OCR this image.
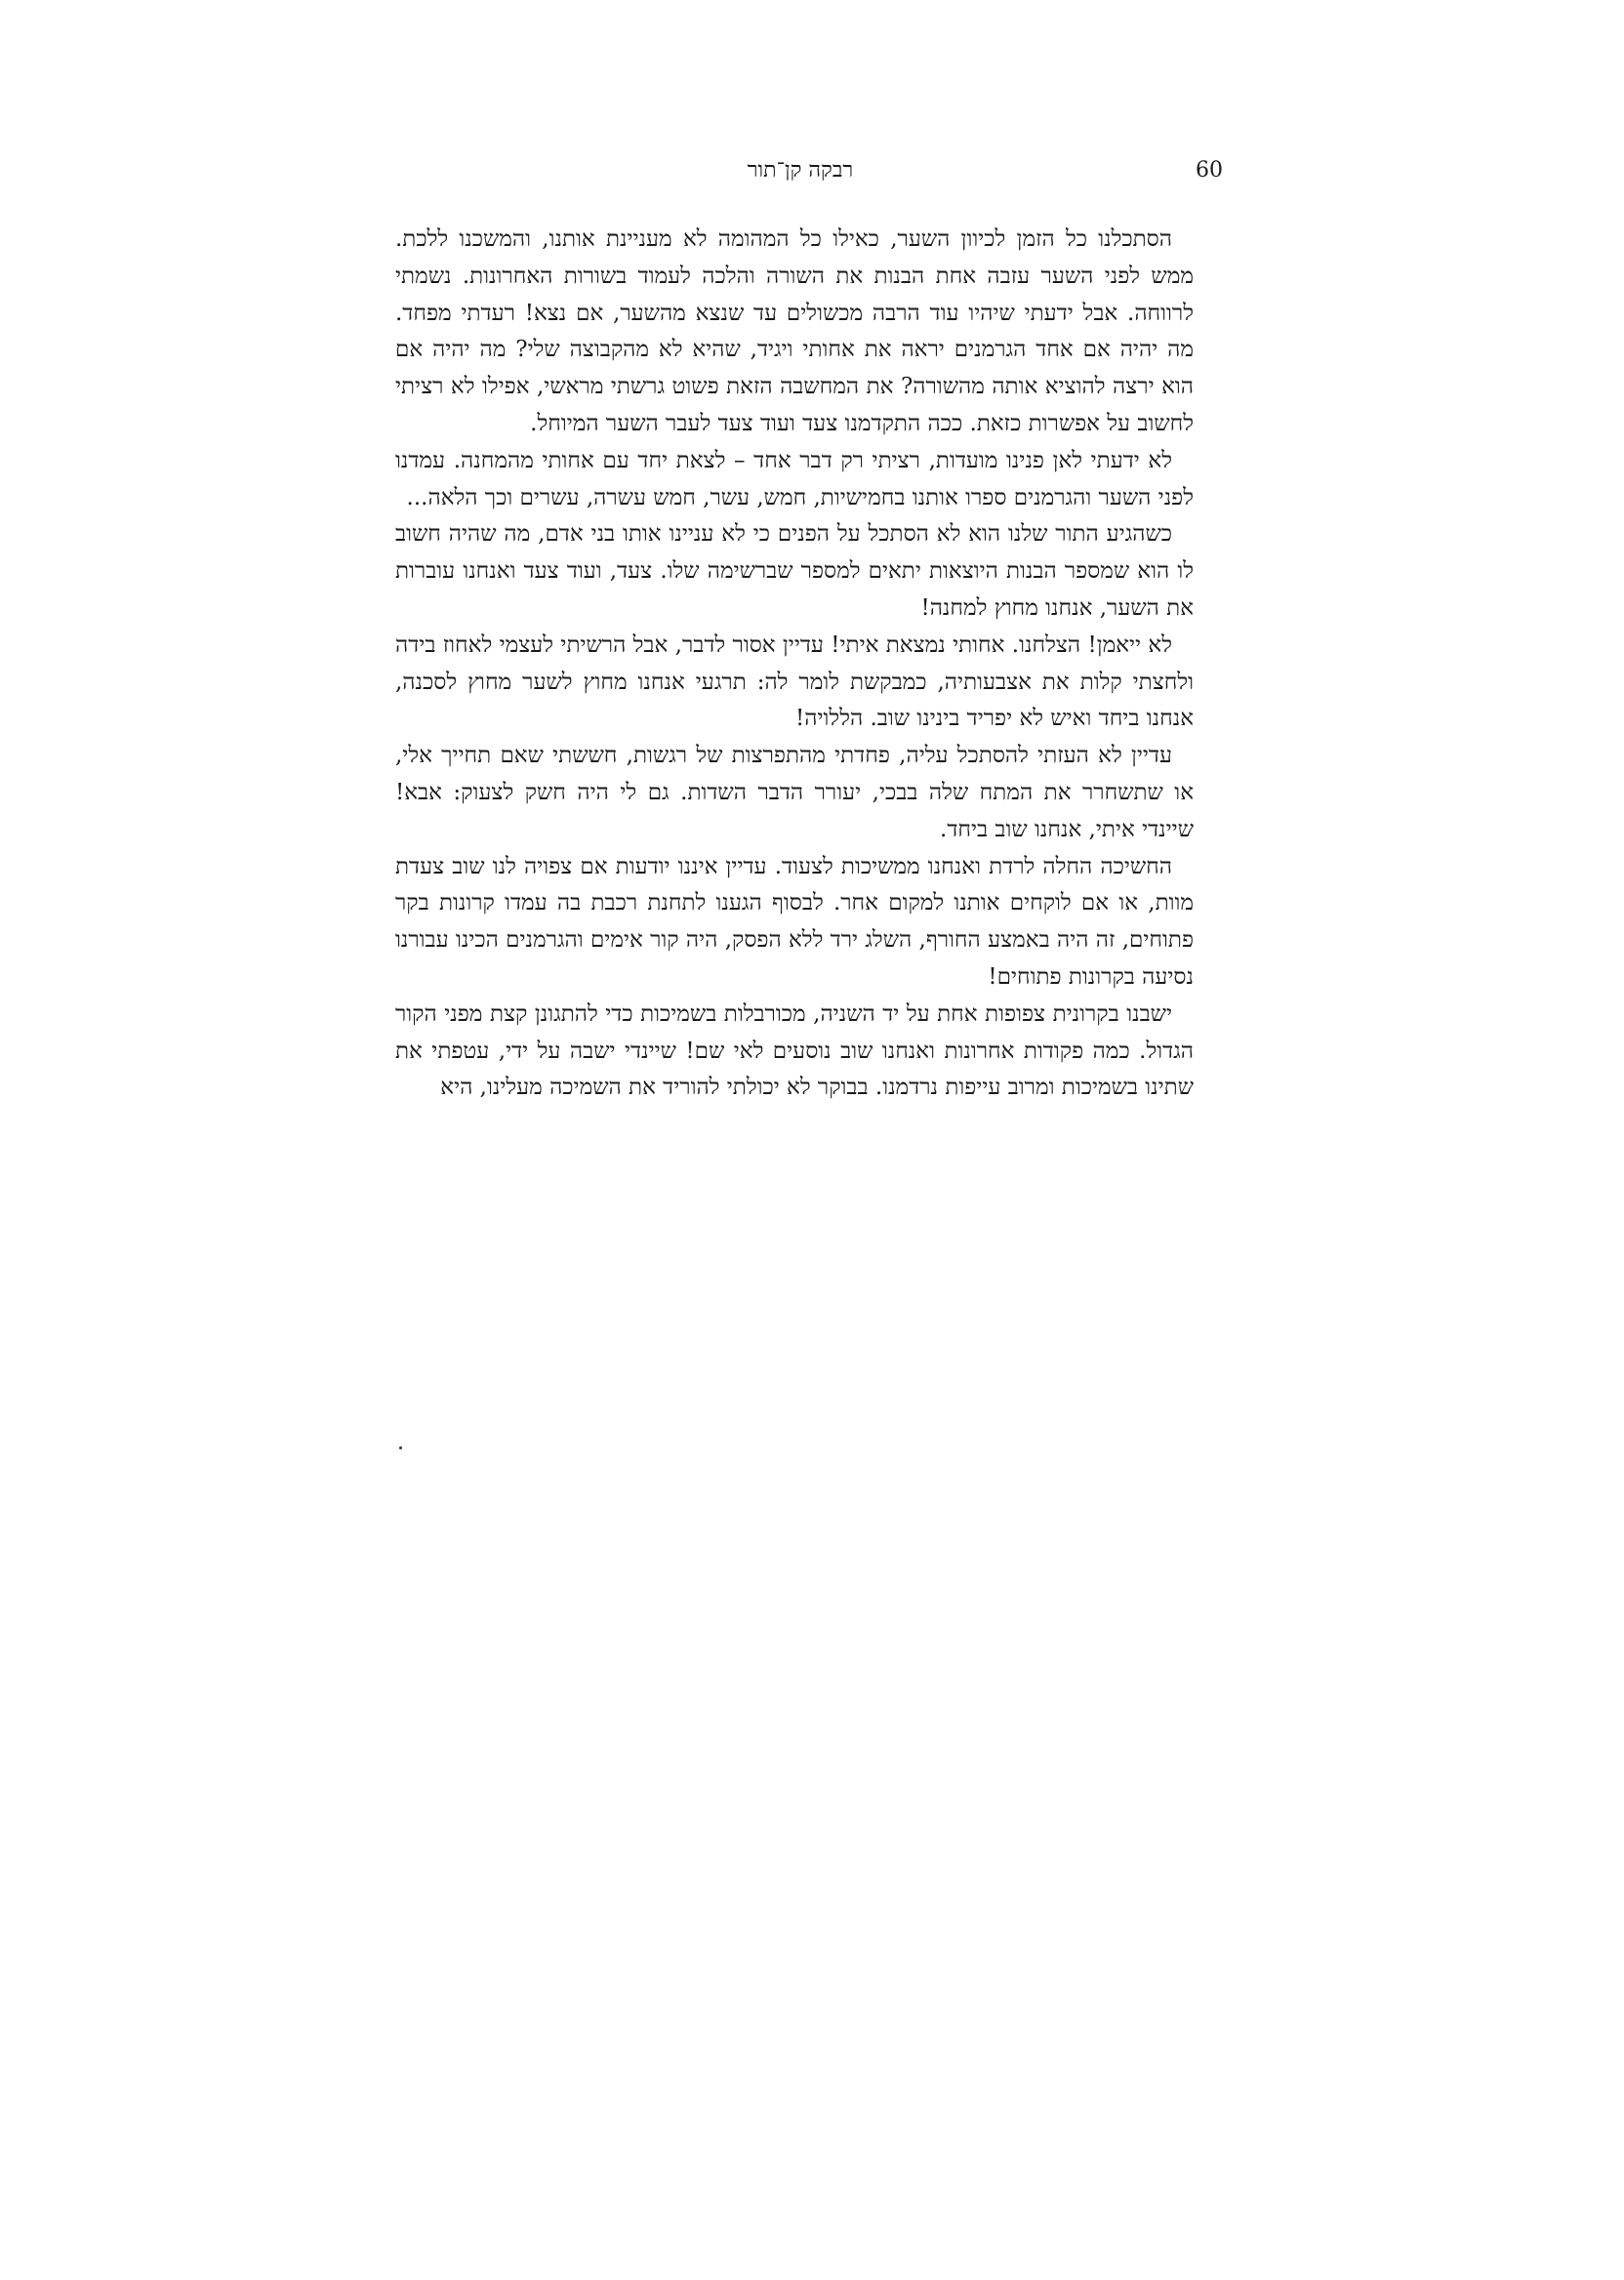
60
רבקה קן־תור

הסתכלנו כל הזמן לכיוון השער, כאילו כל המהומה לא מעניינת אותנו, והמשכנו ללכת. ממש לפני השער עזבה אחת הבנות את השורה והלכה לעמוד בשורות האחרונות. נשמתי לרווחה. אבל ידעתי שיהיו עוד הרבה מכשולים עד שנצא מהשער, אם נצא! רעדתי מפחד. מה יהיה אם אחד הגרמנים יראה את אחותי ויגיד, שהיא לא מהקבוצה שלי? מה יהיה אם הוא ירצה להוציא אותה מהשורה? את המחשבה הזאת פשוט גרשתי מראשי, אפילו לא רציתי לחשוב על אפשרות כזאת. ככה התקדמנו צעד ועוד צעד לעבר השער המיוחל.

לא ידעתי לאן פנינו מועדות, רציתי רק דבר אחד – לצאת יחד עם אחותי מהמחנה. עמדנו לפני השער והגרמנים ספרו אותנו בחמישיות, חמש, עשר, חמש עשרה, עשרים וכך הלאה...

כשהגיע התור שלנו הוא לא הסתכל על הפנים כי לא עניינו אותו בני אדם, מה שהיה חשוב לו הוא שמספר הבנות היוצאות יתאים למספר שברשימה שלו. צעד, ועוד צעד ואנחנו עוברות את השער, אנחנו מחוץ למחנה!

לא ייאמן! הצלחנו. אחותי נמצאת איתי! עדיין אסור לדבר, אבל הרשיתי לעצמי לאחוז בידה ולחצתי קלות את אצבעותיה, כמבקשת לומר לה: תרגעי אנחנו מחוץ לשער מחוץ לסכנה, אנחנו ביחד ואיש לא יפריד בינינו שוב. הללויה!

עדיין לא העזתי להסתכל עליה, פחדתי מהתפרצות של רגשות, חששתי שאם תחייך אלי, או שתשחרר את המתח שלה בבכי, יעורר הדבר השדות. גם לי היה חשק לצעוק: אבא! שיינדי איתי, אנחנו שוב ביחד.

החשיכה החלה לרדת ואנחנו ממשיכות לצעוד. עדיין איננו יודעות אם צפויה לנו שוב צעדת מוות, או אם לוקחים אותנו למקום אחר. לבסוף הגענו לתחנת רכבת בה עמדו קרונות בקר פתוחים, זה היה באמצע החורף, השלג ירד ללא הפסק, היה קור אימים והגרמנים הכינו עבורנו נסיעה בקרונות פתוחים!

ישבנו בקרונית צפופות אחת על יד השניה, מכורבלות בשמיכות כדי להתגונן קצת מפני הקור הגדול. כמה פקודות אחרונות ואנחנו שוב נוסעים לאי שם! שיינדי ישבה על ידי, עטפתי את שתינו בשמיכות ומרוב עייפות נרדמנו. בבוקר לא יכולתי להוריד את השמיכה מעלינו, היא
